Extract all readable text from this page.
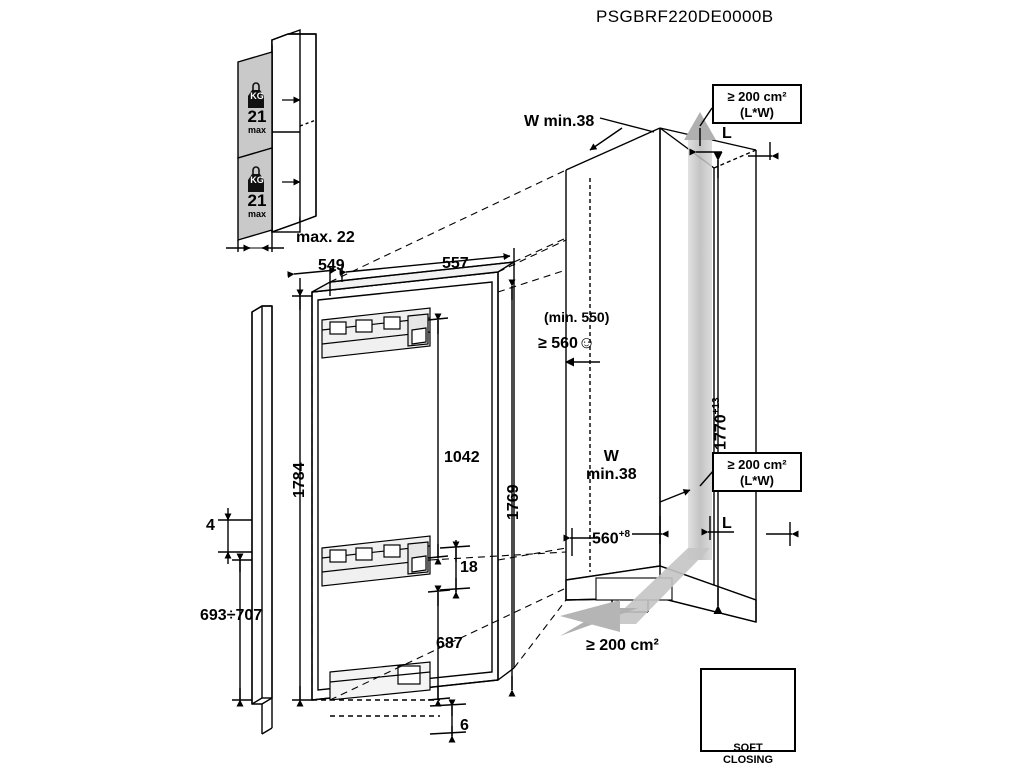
PSGBRF220DE0000B
KG
21
max
KG
21
max
max. 22
549	557
1784
1042
1769
18
687
6
4
693÷707
W min.38
L
L
(min. 550)
≥ 560☺
$1770^{+13}$
$560^{+8}$
W
min.38
≥ 200 cm²
≥ 200 cm²
(L*W)
≥ 200 cm²
(L*W)
SOFT
CLOSING
